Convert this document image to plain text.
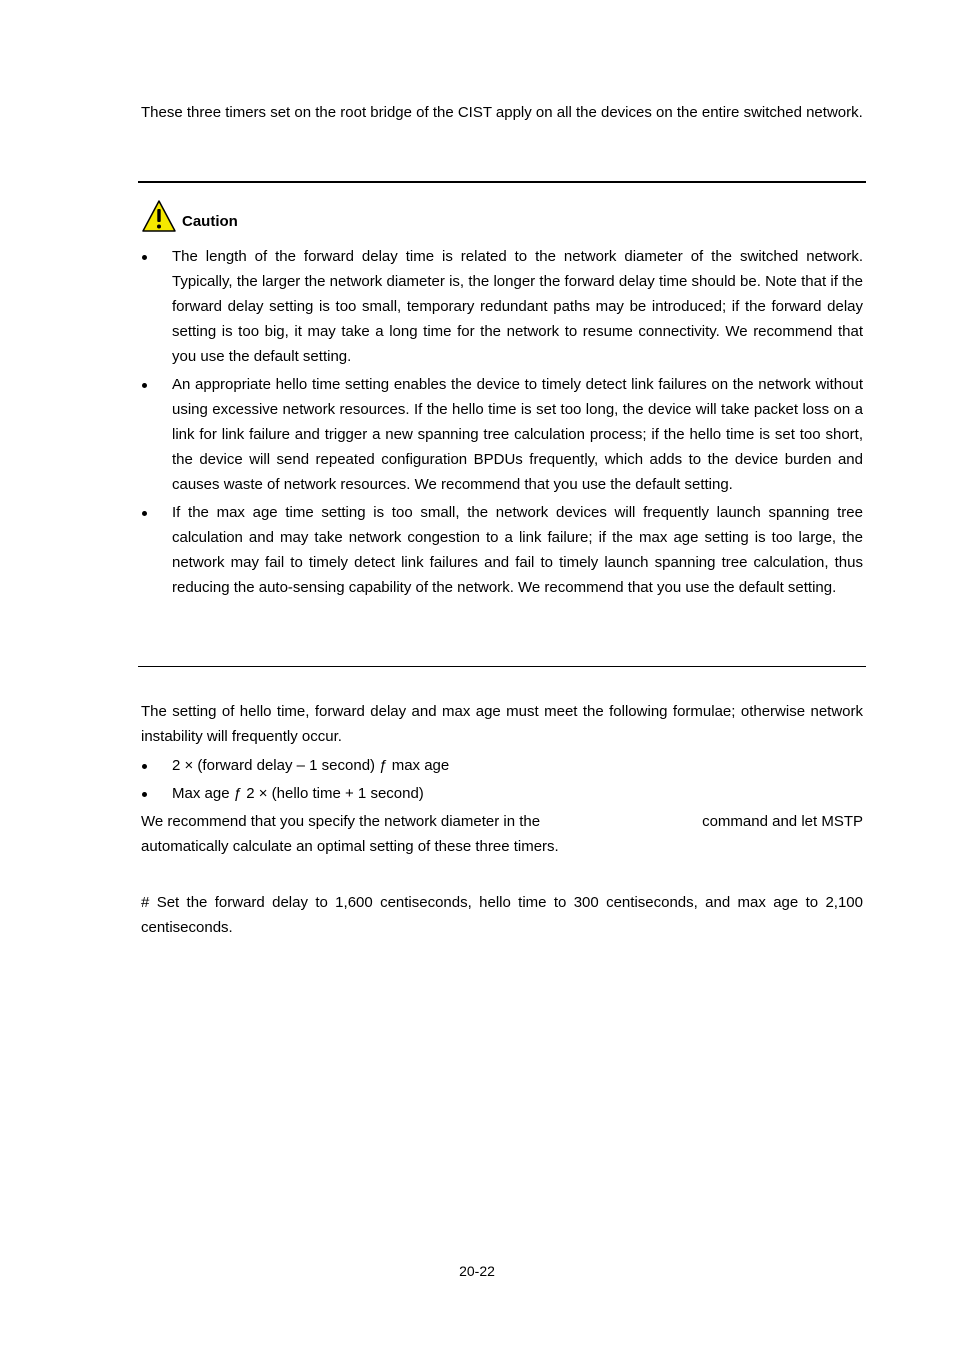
These three timers set on the root bridge of the CIST apply on all the devices on the entire switched network.

Caution
The length of the forward delay time is related to the network diameter of the switched network. Typically, the larger the network diameter is, the longer the forward delay time should be. Note that if the forward delay setting is too small, temporary redundant paths may be introduced; if the forward delay setting is too big, it may take a long time for the network to resume connectivity. We recommend that you use the default setting.
An appropriate hello time setting enables the device to timely detect link failures on the network without using excessive network resources. If the hello time is set too long, the device will take packet loss on a link for link failure and trigger a new spanning tree calculation process; if the hello time is set too short, the device will send repeated configuration BPDUs frequently, which adds to the device burden and causes waste of network resources. We recommend that you use the default setting.
If the max age time setting is too small, the network devices will frequently launch spanning tree calculation and may take network congestion to a link failure; if the max age setting is too large, the network may fail to timely detect link failures and fail to timely launch spanning tree calculation, thus reducing the auto-sensing capability of the network. We recommend that you use the default setting.

The setting of hello time, forward delay and max age must meet the following formulae; otherwise network instability will frequently occur.

2 × (forward delay – 1 second) ƒ max age
Max age ƒ 2 × (hello time + 1 second)
We recommend that you specify the network diameter in the	command and let MSTP
automatically calculate an optimal setting of these three timers.

# Set the forward delay to 1,600 centiseconds, hello time to 300 centiseconds, and max age to 2,100 centiseconds.

20-22
